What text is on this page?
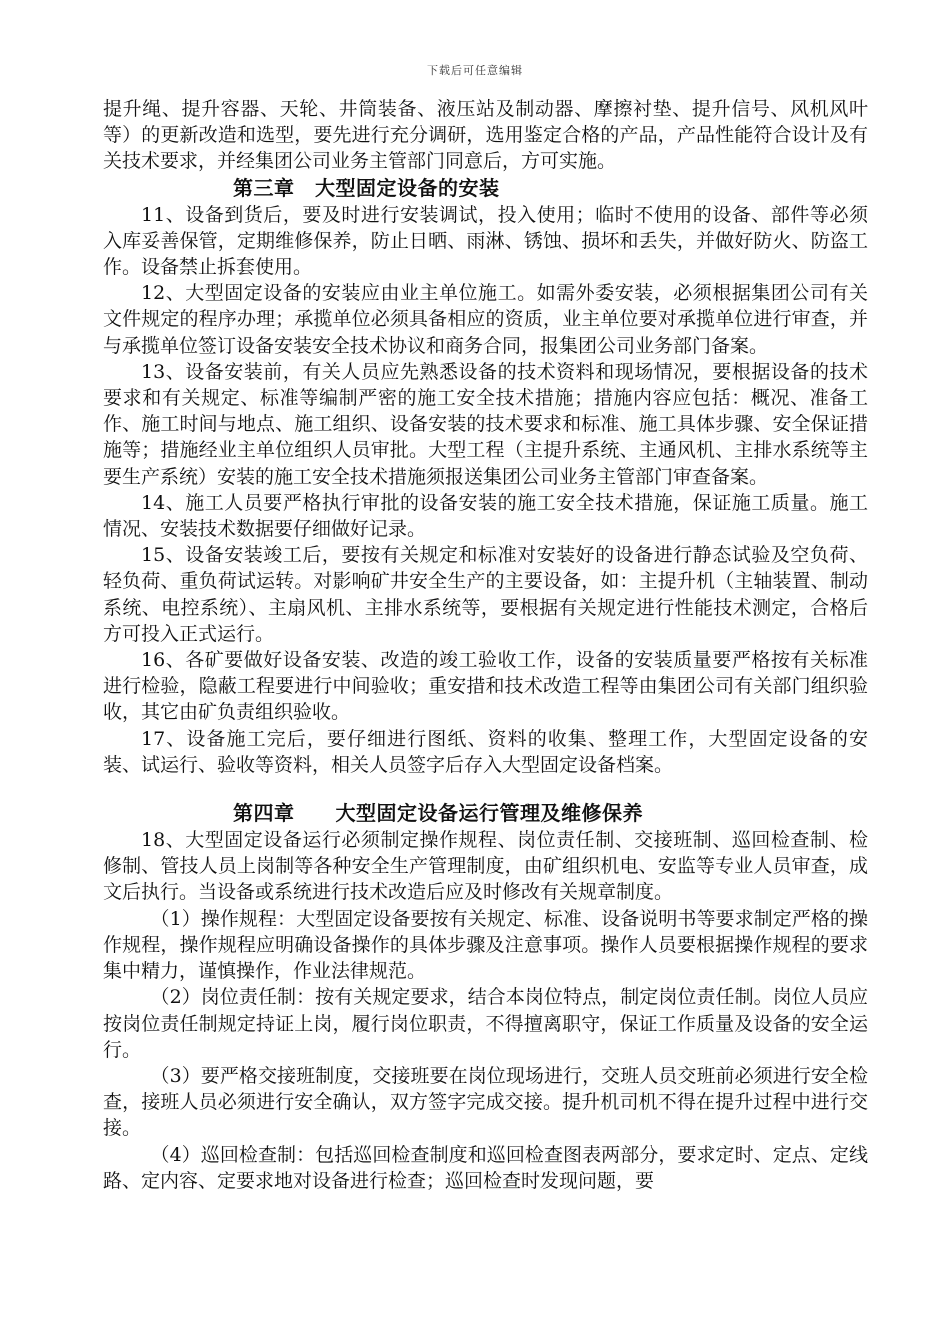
下载后可任意编辑

提升绳、提升容器、天轮、井筒装备、液压站及制动器、摩擦衬垫、提升信号、风机风叶等）的更新改造和选型，要先进行充分调研，选用鉴定合格的产品，产品性能符合设计及有关技术要求，并经集团公司业务主管部门同意后，方可实施。

第三章　大型固定设备的安装

11、设备到货后，要及时进行安装调试，投入使用；临时不使用的设备、部件等必须入库妥善保管，定期维修保养，防止日晒、雨淋、锈蚀、损坏和丢失，并做好防火、防盗工作。设备禁止拆套使用。

12、大型固定设备的安装应由业主单位施工。如需外委安装，必须根据集团公司有关文件规定的程序办理；承揽单位必须具备相应的资质，业主单位要对承揽单位进行审查，并与承揽单位签订设备安装安全技术协议和商务合同，报集团公司业务部门备案。

13、设备安装前，有关人员应先熟悉设备的技术资料和现场情况，要根据设备的技术要求和有关规定、标准等编制严密的施工安全技术措施；措施内容应包括：概况、准备工作、施工时间与地点、施工组织、设备安装的技术要求和标准、施工具体步骤、安全保证措施等；措施经业主单位组织人员审批。大型工程（主提升系统、主通风机、主排水系统等主要生产系统）安装的施工安全技术措施须报送集团公司业务主管部门审查备案。

14、施工人员要严格执行审批的设备安装的施工安全技术措施，保证施工质量。施工情况、安装技术数据要仔细做好记录。

15、设备安装竣工后，要按有关规定和标准对安装好的设备进行静态试验及空负荷、轻负荷、重负荷试运转。对影响矿井安全生产的主要设备，如：主提升机（主轴装置、制动系统、电控系统）、主扇风机、主排水系统等，要根据有关规定进行性能技术测定，合格后方可投入正式运行。

16、各矿要做好设备安装、改造的竣工验收工作，设备的安装质量要严格按有关标准进行检验，隐蔽工程要进行中间验收；重安措和技术改造工程等由集团公司有关部门组织验收，其它由矿负责组织验收。

17、设备施工完后，要仔细进行图纸、资料的收集、整理工作，大型固定设备的安装、试运行、验收等资料，相关人员签字后存入大型固定设备档案。

第四章　　大型固定设备运行管理及维修保养

18、大型固定设备运行必须制定操作规程、岗位责任制、交接班制、巡回检查制、检修制、管技人员上岗制等各种安全生产管理制度，由矿组织机电、安监等专业人员审查，成文后执行。当设备或系统进行技术改造后应及时修改有关规章制度。

（1）操作规程：大型固定设备要按有关规定、标准、设备说明书等要求制定严格的操作规程，操作规程应明确设备操作的具体步骤及注意事项。操作人员要根据操作规程的要求集中精力，谨慎操作，作业法律规范。

（2）岗位责任制：按有关规定要求，结合本岗位特点，制定岗位责任制。岗位人员应按岗位责任制规定持证上岗，履行岗位职责，不得擅离职守，保证工作质量及设备的安全运行。

（3）要严格交接班制度，交接班要在岗位现场进行，交班人员交班前必须进行安全检查，接班人员必须进行安全确认，双方签字完成交接。提升机司机不得在提升过程中进行交接。

（4）巡回检查制：包括巡回检查制度和巡回检查图表两部分，要求定时、定点、定线路、定内容、定要求地对设备进行检查；巡回检查时发现问题，要
